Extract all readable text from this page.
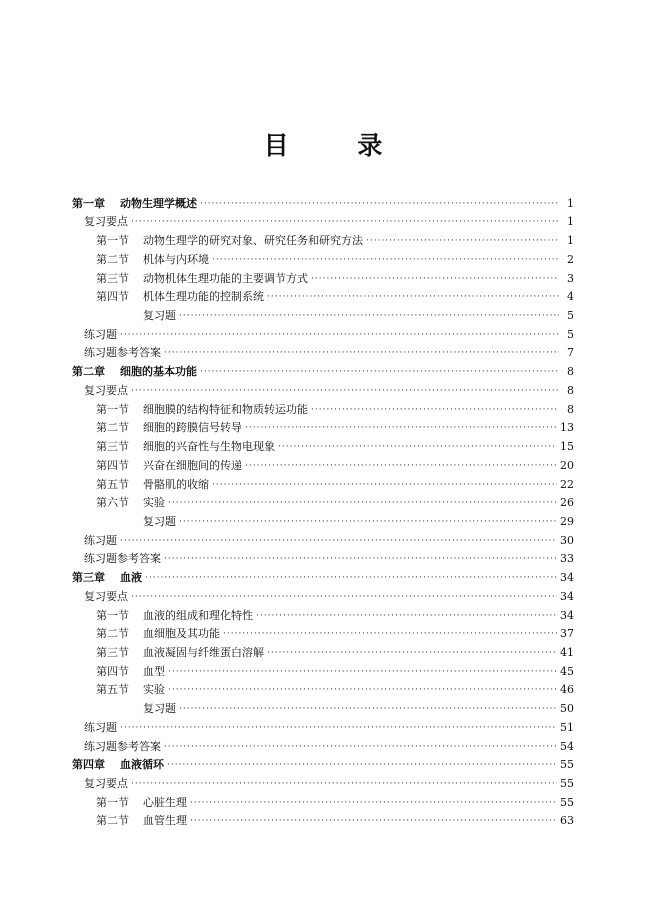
目 录
第一章	动物生理学概述 ·····	1
复习要点 ·····	1
第一节	动物生理学的研究对象、研究任务和研究方法 ·····	1
第二节	机体与内环境 ·····	2
第三节	动物机体生理功能的主要调节方式 ·····	3
第四节	机体生理功能的控制系统 ·····	4
复习题 ·····	5
练习题 ·····	5
练习题参考答案 ·····	7
第二章	细胞的基本功能 ·····	8
复习要点 ·····	8
第一节	细胞膜的结构特征和物质转运功能 ·····	8
第二节	细胞的跨膜信号转导 ·····	13
第三节	细胞的兴奋性与生物电现象 ·····	15
第四节	兴奋在细胞间的传递 ·····	20
第五节	骨骼肌的收缩 ·····	22
第六节	实验 ·····	26
复习题 ·····	29
练习题 ·····	30
练习题参考答案 ·····	33
第三章	血液 ·····	34
复习要点 ·····	34
第一节	血液的组成和理化特性 ·····	34
第二节	血细胞及其功能 ·····	37
第三节	血液凝固与纤维蛋白溶解 ·····	41
第四节	血型 ·····	45
第五节	实验 ·····	46
复习题 ·····	50
练习题 ·····	51
练习题参考答案 ·····	54
第四章	血液循环 ·····	55
复习要点 ·····	55
第一节	心脏生理 ·····	55
第二节	血管生理 ·····	63
